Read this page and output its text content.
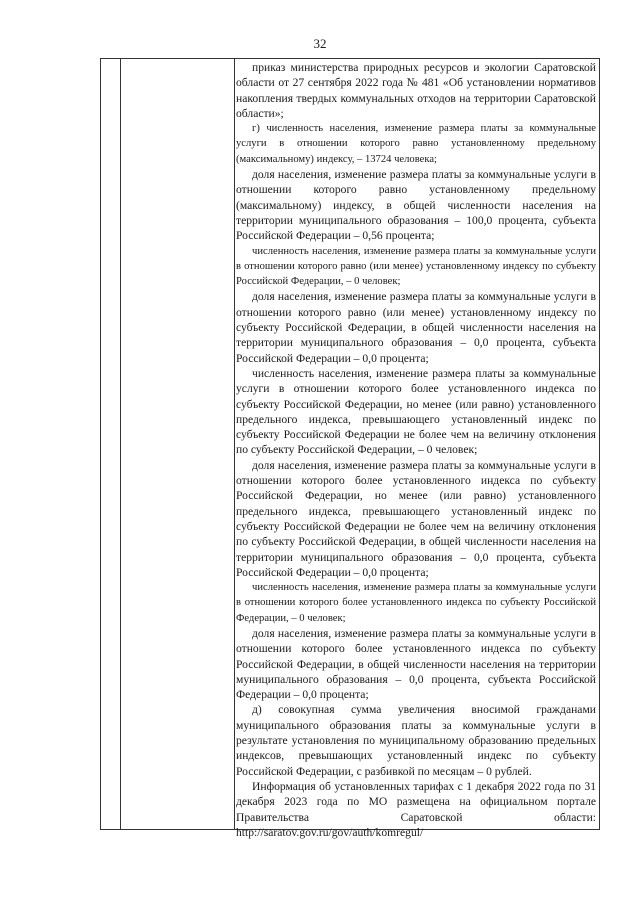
32

приказ министерства природных ресурсов и экологии Саратовской области от 27 сентября 2022 года № 481 «Об установлении нормативов накопления твердых коммунальных отходов на территории Саратовской области»;

г) численность населения, изменение размера платы за коммунальные услуги в отношении которого равно установленному предельному (максимальному) индексу, – 13724 человека;

доля населения, изменение размера платы за коммунальные услуги в отношении которого равно установленному предельному (максимальному) индексу, в общей численности населения на территории муниципального образования – 100,0 процента, субъекта Российской Федерации – 0,56 процента;

численность населения, изменение размера платы за коммунальные услуги в отношении которого равно (или менее) установленному индексу по субъекту Российской Федерации, – 0 человек;

доля населения, изменение размера платы за коммунальные услуги в отношении которого равно (или менее) установленному индексу по субъекту Российской Федерации, в общей численности населения на территории муниципального образования – 0,0 процента, субъекта Российской Федерации – 0,0 процента;

численность населения, изменение размера платы за коммунальные услуги в отношении которого более установленного индекса по субъекту Российской Федерации, но менее (или равно) установленного предельного индекса, превышающего установленный индекс по субъекту Российской Федерации не более чем на величину отклонения по субъекту Российской Федерации, – 0 человек;

доля населения, изменение размера платы за коммунальные услуги в отношении которого более установленного индекса по субъекту Российской Федерации, но менее (или равно) установленного предельного индекса, превышающего установленный индекс по субъекту Российской Федерации не более чем на величину отклонения по субъекту Российской Федерации, в общей численности населения на территории муниципального образования – 0,0 процента, субъекта Российской Федерации – 0,0 процента;

численность населения, изменение размера платы за коммунальные услуги в отношении которого более установленного индекса по субъекту Российской Федерации, – 0 человек;

доля населения, изменение размера платы за коммунальные услуги в отношении которого более установленного индекса по субъекту Российской Федерации, в общей численности населения на территории муниципального образования – 0,0 процента, субъекта Российской Федерации – 0,0 процента;

д) совокупная сумма увеличения вносимой гражданами муниципального образования платы за коммунальные услуги в результате установления по муниципальному образованию предельных индексов, превышающих установленный индекс по субъекту Российской Федерации, с разбивкой по месяцам – 0 рублей.

Информация об установленных тарифах с 1 декабря 2022 года по 31 декабря 2023 года по МО размещена на официальном портале Правительства Саратовской области: http://saratov.gov.ru/gov/auth/komregul/
